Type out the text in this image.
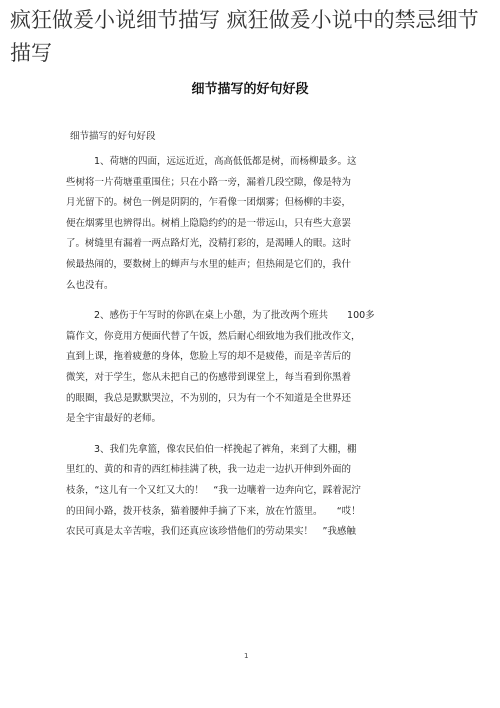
疯狂做爰小说细节描写 疯狂做爰小说中的禁忌细节描写
细节描写的好句好段

细节描写的好句好段

1、荷塘的四面，远远近近，高高低低都是树，而杨柳最多。这
些树将一片荷塘重重围住；只在小路一旁，漏着几段空隙，像是特为
月光留下的。树色一例是阴阴的，乍看像一团烟雾；但杨柳的丰姿，
便在烟雾里也辨得出。树梢上隐隐约约的是一带远山，只有些大意罢
了。树缝里有漏着一两点路灯光，没精打彩的，是渴睡人的眼。这时
候最热闹的，要数树上的蝉声与水里的蛙声；但热闹是它们的，我什
么也没有。
2、感伤于午写时的你趴在桌上小憩，为了批改两个班共　　100多
篇作文，你竟用方便面代替了午饭，然后耐心细致地为我们批改作文，
直到上课，拖着疲惫的身体，您脸上写的却不是疲倦，而是辛苦后的
微笑，对于学生，您从未把自己的伤感带到课堂上，每当看到你黑着
的眼圈，我总是默默哭泣，不为别的，只为有一个不知道是全世界还
是全宇宙最好的老师。
3、我们先拿篮，像农民伯伯一样挽起了裤角，来到了大棚，棚
里红的、黄的和青的西红柿挂满了秧，我一边走一边扒开伸到外面的
枝条，“这儿有一个又红又大的！　“我一边嚷着一边奔向它，踩着泥泞
的田间小路，拨开枝条，猫着腰伸手摘了下来，放在竹篮里。　　“哎！
农民可真是太辛苦啦，我们还真应该珍惜他们的劳动果实！　”我感触
1
